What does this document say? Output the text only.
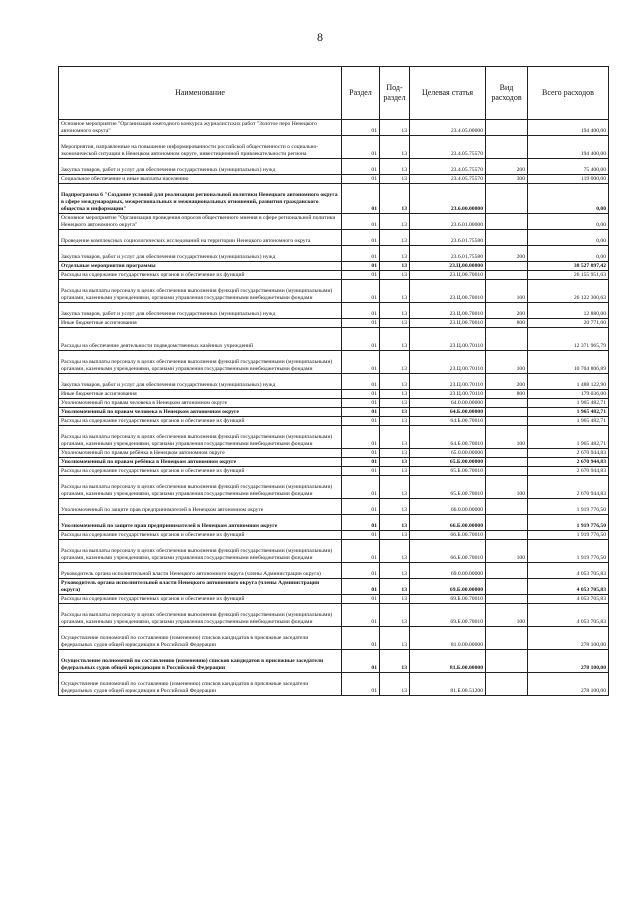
8
Наименование	Раздел	Под-раздел	Целевая статья	Вид расходов	Всего расходов
Основное мероприятие "Организация ежегодного конкурса журналистских работ "Золотое перо Ненецкого автономного округа"	01	13	23.4.05.00000		194 400,00
Мероприятия, направленные на повышение информированности российской общественности о социально-экономической ситуации в Ненецком автономном округе, инвестиционной привлекательности региона	01	13	23.4.05.75570		194 400,00
Закупка товаров, работ и услуг для обеспечения государственных (муниципальных) нужд	01	13	23.4.05.75570	200	75 400,00
Социальное обеспечение и иные выплаты населению	01	13	23.4.05.75570	300	119 000,00
Подпрограмма 6 "Создание условий для реализации региональной политики Ненецкого автономного округа в сфере международных, межрегиональных и межнациональных отношений, развития гражданского общества и информации"	01	13	23.6.00.00000		0,00
Основное мероприятие "Организация проведения опросов общественного мнения в сфере региональной политики Ненецкого автономного округа"	01	13	23.6.01.00000		0,00
Проведение комплексных социологических исследований на территории Ненецкого автономного округа	01	13	23.6.01.75580		0,00
Закупка товаров, работ и услуг для обеспечения государственных (муниципальных) нужд	01	13	23.6.01.75580	200	0,00
Отдельные мероприятия программы	01	13	23.Ц.00.00000		38 527 897,42
Расходы на содержание государственных органов и обеспечение их функций	01	13	23.Ц.00.70010		26 155 951,63
Расходы на выплаты персоналу в целях обеспечения выполнения функций государственными (муниципальными) органами, казенными учреждениями, органами управления государственными внебюджетными фондами	01	13	23.Ц.00.70010	100	26 122 300,63
Закупка товаров, работ и услуг для обеспечения государственных (муниципальных) нужд	01	13	23.Ц.00.70010	200	12 880,00
Иные бюджетные ассигнования	01	13	23.Ц.00.70010	800	20 771,00
Расходы на обеспечение деятельности подведомственных казённых учреждений	01	13	23.Ц.00.70110		12 371 965,79
Расходы на выплаты персоналу в целях обеспечения выполнения функций государственными (муниципальными) органами, казенными учреждениями, органами управления государственными внебюджетными фондами	01	13	23.Ц.00.70110	100	10 704 806,89
Закупка товаров, работ и услуг для обеспечения государственных (муниципальных) нужд	01	13	23.Ц.00.70110	200	1 488 122,90
Иные бюджетные ассигнования	01	13	23.Ц.00.70110	800	179 036,00
Уполномоченный по правам человека в Ненецком автономном округе	01	13	64.0.00.00000		1 965 482,71
Уполномоченный по правам человека в Ненецком автономном округе	01	13	64.Б.00.00000		1 965 482,71
Расходы на содержание государственных органов и обеспечение их функций	01	13	64.Б.00.70010		1 965 482,71
Расходы на выплаты персоналу в целях обеспечения выполнения функций государственными (муниципальными) органами, казенными учреждениями, органами управления государственными внебюджетными фондами	01	13	64.Б.00.70010	100	1 965 482,71
Уполномоченный по правам ребёнка в Ненецком автономном округе	01	13	65.0.00.00000		2 670 944,83
Уполномоченный по правам ребёнка в Ненецком автономном округе	01	13	65.Б.00.00000		2 670 944,83
Расходы на содержание государственных органов и обеспечение их функций	01	13	65.Б.00.70010		2 670 944,83
Расходы на выплаты персоналу в целях обеспечения выполнения функций государственными (муниципальными) органами, казенными учреждениями, органами управления государственными внебюджетными фондами	01	13	65.Б.00.70010	100	2 670 944,83
Уполномоченный по защите прав предпринимателей в Ненецком автономном округе	01	13	66.0.00.00000		1 919 776,50
Уполномоченный по защите прав предпринимателей в Ненецком автономном округе	01	13	66.Б.00.00000		1 919 776,50
Расходы на содержание государственных органов и обеспечение их функций	01	13	66.Б.00.70010		1 919 776,50
Расходы на выплаты персоналу в целях обеспечения выполнения функций государственными (муниципальными) органами, казенными учреждениями, органами управления государственными внебюджетными фондами	01	13	66.Б.00.70010	100	1 919 776,50
Руководитель органа исполнительной власти Ненецкого автономного округа (члены Администрации округа)	01	13	69.0.00.00000		4 053 705,83
Руководитель органа исполнительной власти Ненецкого автономного округа (члены Администрации округа)	01	13	69.Б.00.00000		4 053 705,83
Расходы на содержание государственных органов и обеспечение их функций	01	13	69.Б.00.70010		4 053 705,83
Расходы на выплаты персоналу в целях обеспечения выполнения функций государственными (муниципальными) органами, казенными учреждениями, органами управления государственными внебюджетными фондами	01	13	69.Б.00.70010	100	4 053 705,83
Осуществление полномочий по составлению (изменению) списков кандидатов в присяжные заседатели федеральных судов общей юрисдикции в Российской Федерации	01	13	81.0.00.00000		278 100,00
Осуществление полномочий по составлению (изменению) списков кандидатов в присяжные заседатели федеральных судов общей юрисдикции в Российской Федерации	01	13	81.Б.00.00000		278 100,00
Осуществление полномочий по составлению (изменению) списков кандидатов в присяжные заседатели федеральных судов общей юрисдикции в Российской Федерации	01	13	81.Б.00.51200		278 100,00
